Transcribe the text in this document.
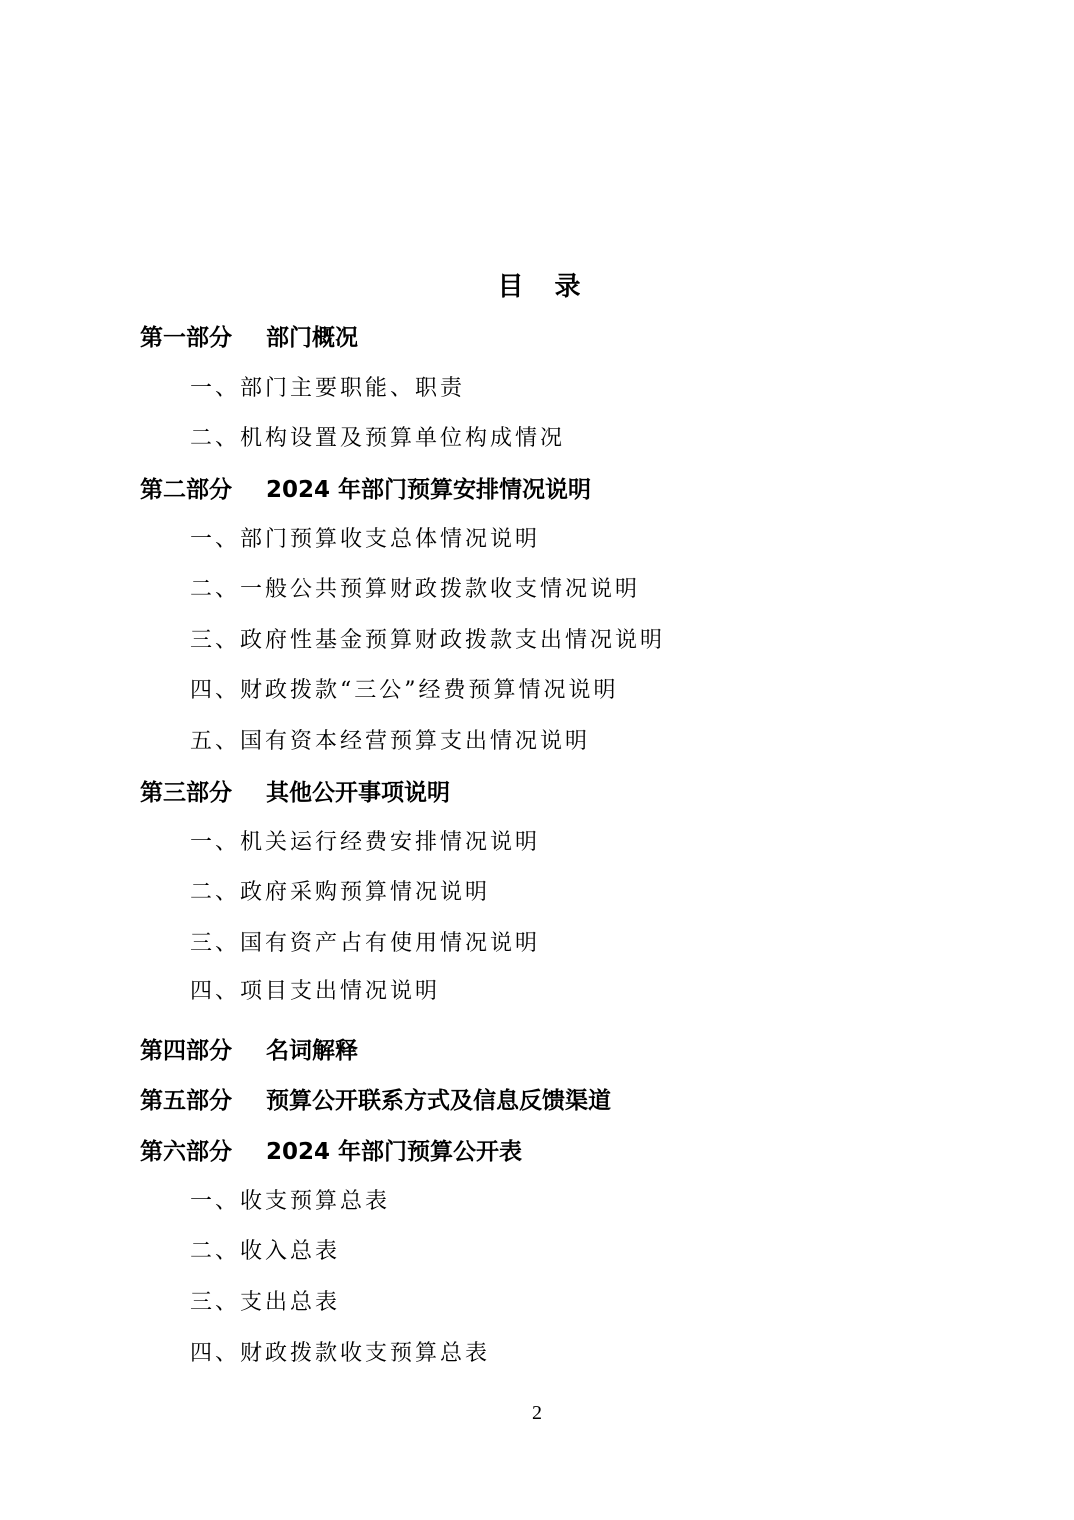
目 录
第一部分 部门概况
一、部门主要职能、职责
二、机构设置及预算单位构成情况
第二部分 2024 年部门预算安排情况说明
一、部门预算收支总体情况说明
二、一般公共预算财政拨款收支情况说明
三、政府性基金预算财政拨款支出情况说明
四、财政拨款“三公”经费预算情况说明
五、国有资本经营预算支出情况说明
第三部分 其他公开事项说明
一、机关运行经费安排情况说明
二、政府采购预算情况说明
三、国有资产占有使用情况说明
四、项目支出情况说明
第四部分 名词解释
第五部分 预算公开联系方式及信息反馈渠道
第六部分 2024 年部门预算公开表
一、收支预算总表
二、收入总表
三、支出总表
四、财政拨款收支预算总表
2
